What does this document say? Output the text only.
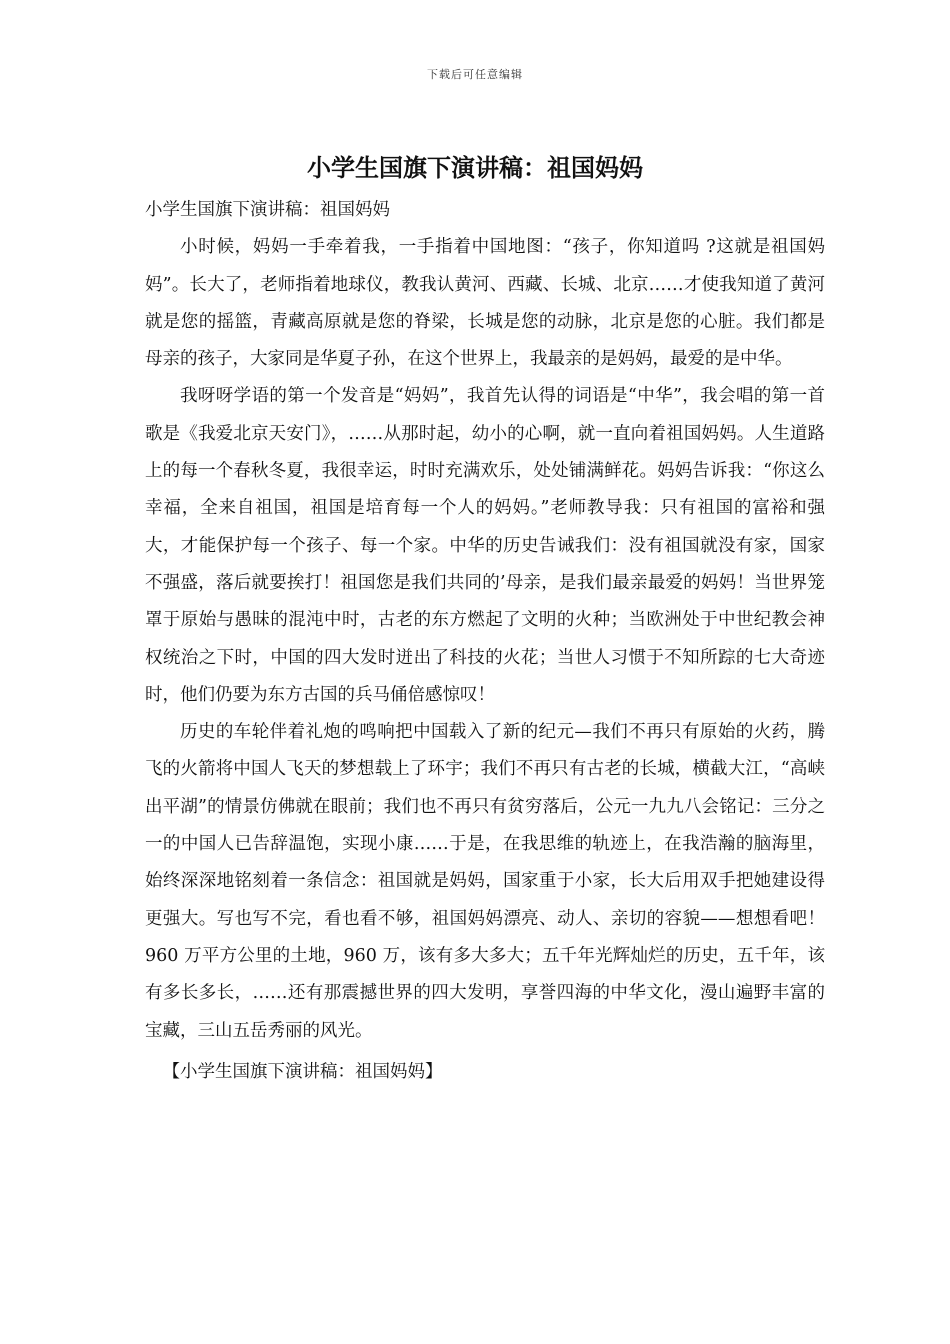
下载后可任意编辑
小学生国旗下演讲稿：祖国妈妈

小学生国旗下演讲稿：祖国妈妈

小时候，妈妈一手牵着我，一手指着中国地图：“孩子，你知道吗 ?这就是祖国妈妈”。长大了，老师指着地球仪，教我认黄河、西藏、长城、北京……才使我知道了黄河就是您的摇篮，青藏高原就是您的脊梁，长城是您的动脉，北京是您的心脏。我们都是母亲的孩子，大家同是华夏子孙，在这个世界上，我最亲的是妈妈，最爱的是中华。

我呀呀学语的第一个发音是“妈妈”，我首先认得的词语是“中华”，我会唱的第一首歌是《我爱北京天安门》，……从那时起，幼小的心啊，就一直向着祖国妈妈。人生道路上的每一个春秋冬夏，我很幸运，时时充满欢乐，处处铺满鲜花。妈妈告诉我：“你这么幸福，全来自祖国，祖国是培育每一个人的妈妈。”老师教导我：只有祖国的富裕和强大，才能保护每一个孩子、每一个家。中华的历史告诫我们：没有祖国就没有家，国家不强盛，落后就要挨打！祖国您是我们共同的’母亲，是我们最亲最爱的妈妈！当世界笼罩于原始与愚昧的混沌中时，古老的东方燃起了文明的火种；当欧洲处于中世纪教会神权统治之下时，中国的四大发时迸出了科技的火花；当世人习惯于不知所踪的七大奇迹时，他们仍要为东方古国的兵马俑倍感惊叹！

历史的车轮伴着礼炮的鸣响把中国载入了新的纪元—我们不再只有原始的火药，腾飞的火箭将中国人飞天的梦想载上了环宇；我们不再只有古老的长城，横截大江，“高峡出平湖”的情景仿佛就在眼前；我们也不再只有贫穷落后，公元一九九八会铭记：三分之一的中国人已告辞温饱，实现小康……于是，在我思维的轨迹上，在我浩瀚的脑海里，始终深深地铭刻着一条信念：祖国就是妈妈，国家重于小家，长大后用双手把她建设得更强大。写也写不完，看也看不够，祖国妈妈漂亮、动人、亲切的容貌——想想看吧！960 万平方公里的土地，960 万，该有多大多大；五千年光辉灿烂的历史，五千年，该有多长多长，……还有那震撼世界的四大发明，享誉四海的中华文化，漫山遍野丰富的宝藏，三山五岳秀丽的风光。

【小学生国旗下演讲稿：祖国妈妈】
